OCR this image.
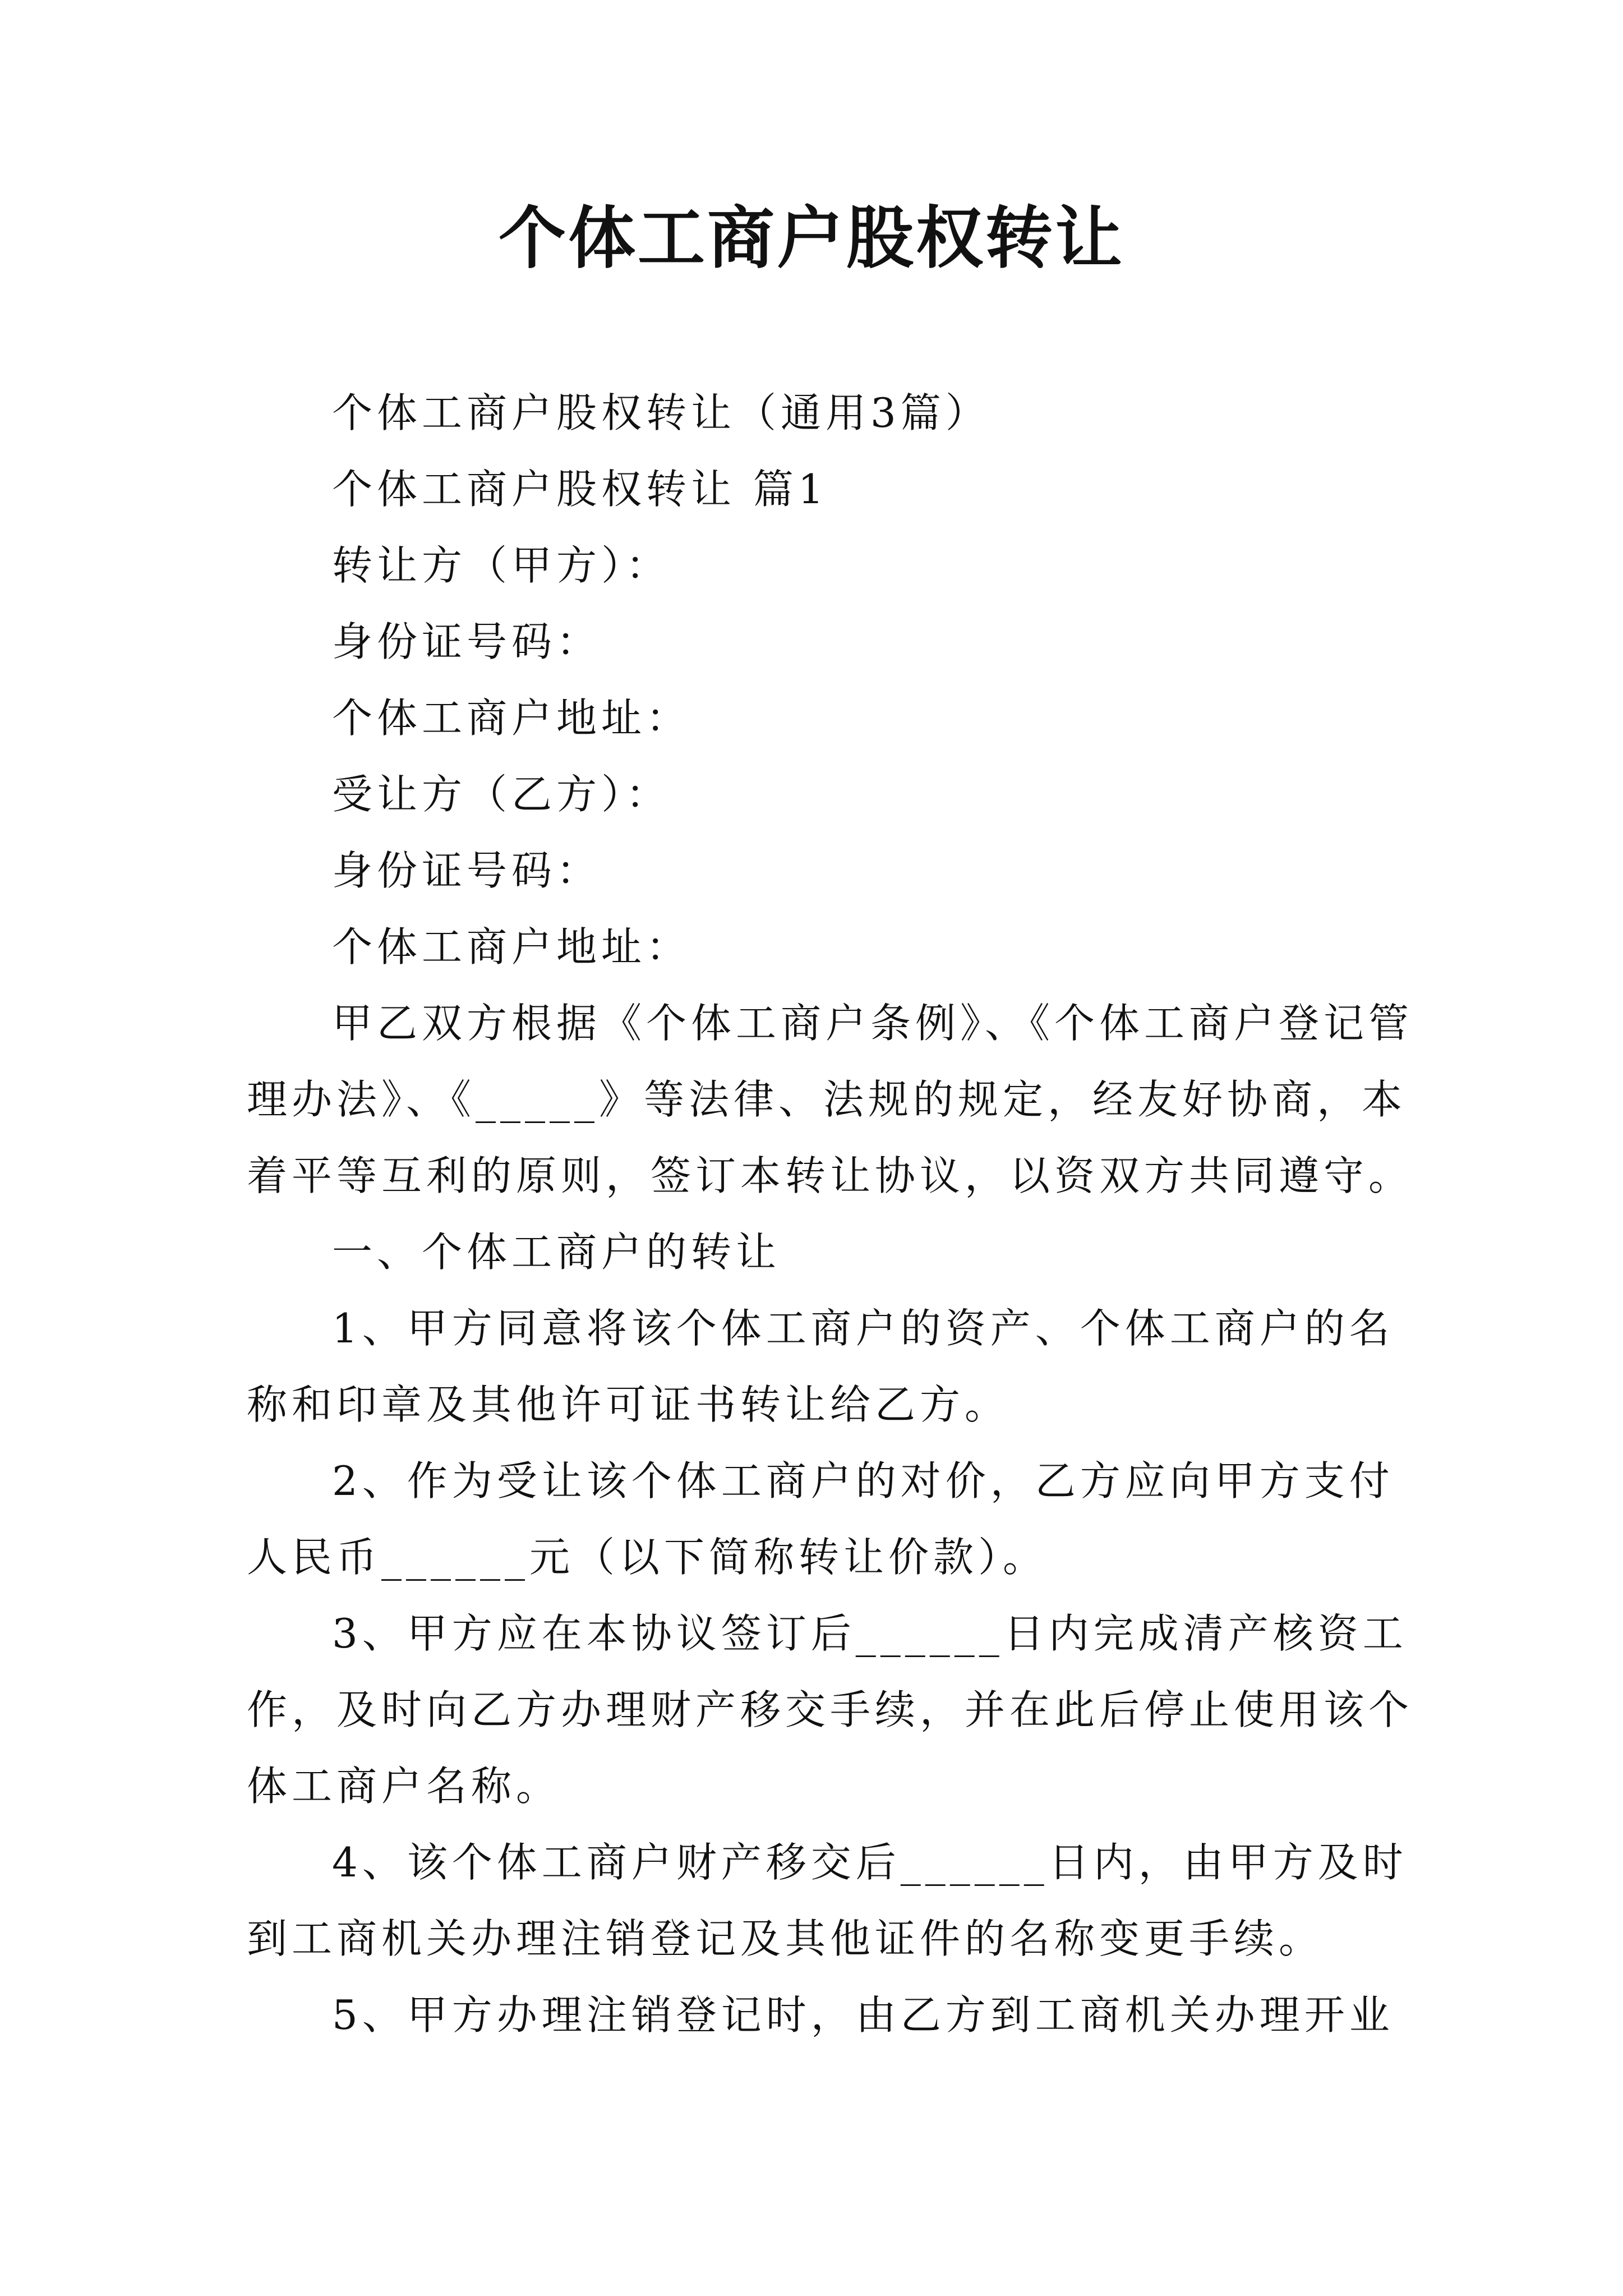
个体工商户股权转让
个体工商户股权转让（通用3篇）
个体工商户股权转让 篇1
转让方（甲方）：
身份证号码：
个体工商户地址：
受让方（乙方）：
身份证号码：
个体工商户地址：
甲乙双方根据《个体工商户条例》、《个体工商户登记管
理办法》、《_____》等法律、法规的规定，经友好协商，本
着平等互利的原则，签订本转让协议，以资双方共同遵守。
一、个体工商户的转让
1、甲方同意将该个体工商户的资产、个体工商户的名
称和印章及其他许可证书转让给乙方。
2、作为受让该个体工商户的对价，乙方应向甲方支付
人民币______元（以下简称转让价款）。
3、甲方应在本协议签订后______日内完成清产核资工
作，及时向乙方办理财产移交手续，并在此后停止使用该个
体工商户名称。
4、该个体工商户财产移交后______日内，由甲方及时
到工商机关办理注销登记及其他证件的名称变更手续。
5、甲方办理注销登记时，由乙方到工商机关办理开业
